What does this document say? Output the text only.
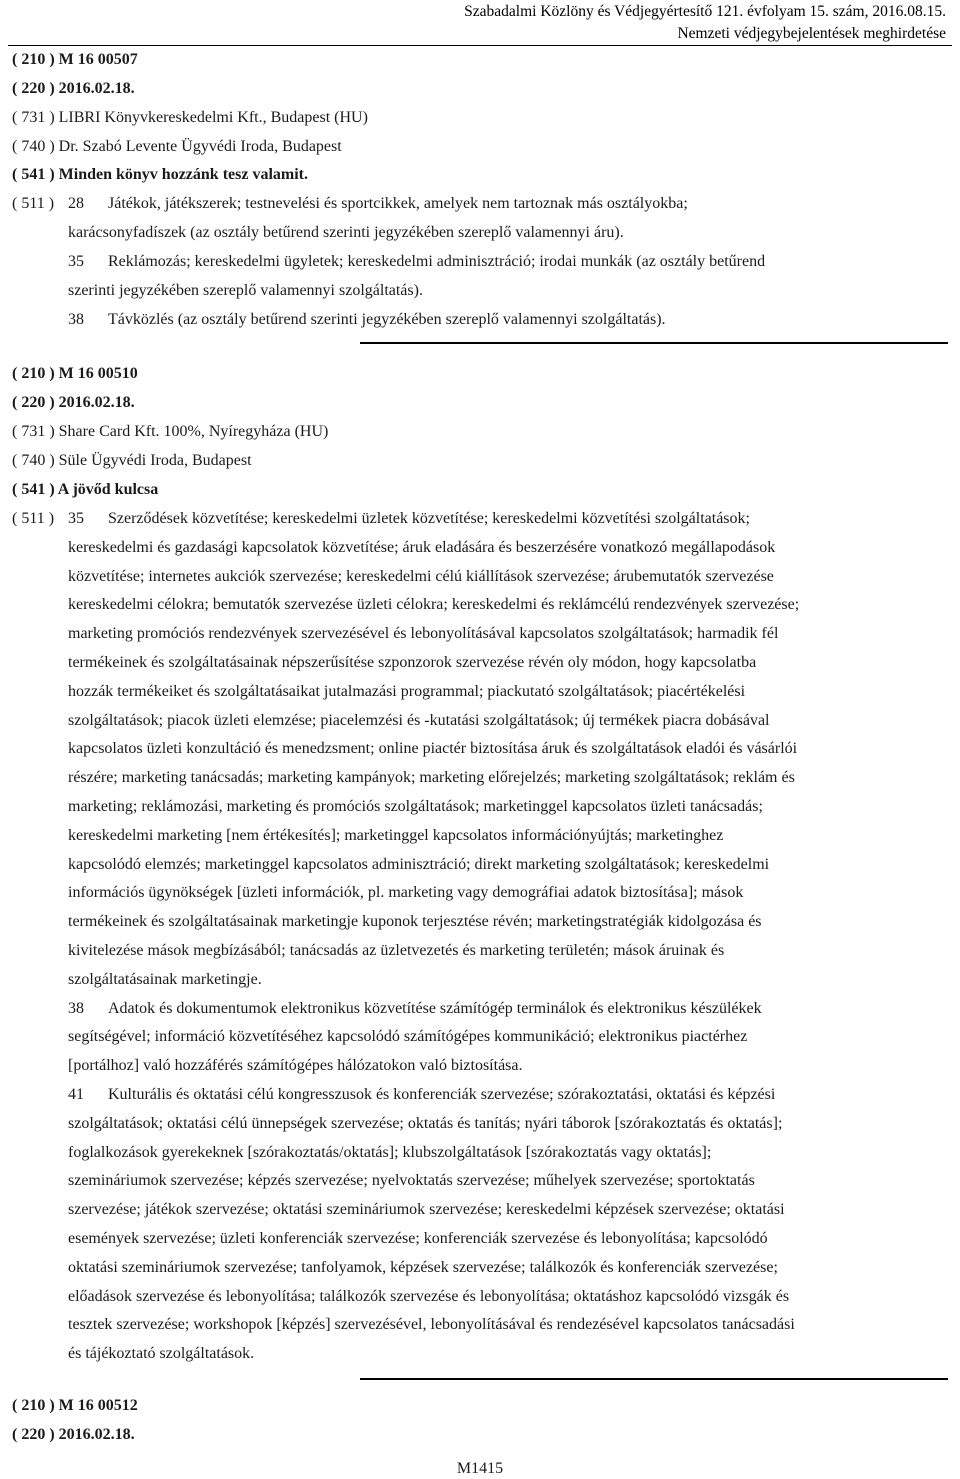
Szabadalmi Közlöny és Védjegyértesítő 121. évfolyam 15. szám, 2016.08.15.
Nemzeti védjegybejelentések meghirdetése
( 210 ) M 16 00507
( 220 ) 2016.02.18.
( 731 ) LIBRI Könyvkereskedelmi Kft., Budapest (HU)
( 740 ) Dr. Szabó Levente Ügyvédi Iroda, Budapest
( 541 ) Minden könyv hozzánk tesz valamit.
( 511 ) 28 Játékok, játékszerek; testnevelési és sportcikkek, amelyek nem tartoznak más osztályokba;
karácsonyfadíszek (az osztály betűrend szerinti jegyzékében szereplő valamennyi áru).
35 Reklámozás; kereskedelmi ügyletek; kereskedelmi adminisztráció; irodai munkák (az osztály betűrend
szerinti jegyzékében szereplő valamennyi szolgáltatás).
38 Távközlés (az osztály betűrend szerinti jegyzékében szereplő valamennyi szolgáltatás).
( 210 ) M 16 00510
( 220 ) 2016.02.18.
( 731 ) Share Card Kft. 100%, Nyíregyháza (HU)
( 740 ) Süle Ügyvédi Iroda, Budapest
( 541 ) A jövőd kulcsa
( 511 ) 35 Szerződések közvetítése; kereskedelmi üzletek közvetítése; kereskedelmi közvetítési szolgáltatások;
kereskedelmi és gazdasági kapcsolatok közvetítése; áruk eladására és beszerzésére vonatkozó megállapodások
közvetítése; internetes aukciók szervezése; kereskedelmi célú kiállítások szervezése; árubemutatók szervezése
kereskedelmi célokra; bemutatók szervezése üzleti célokra; kereskedelmi és reklámcélú rendezvények szervezése;
marketing promóciós rendezvények szervezésével és lebonyolításával kapcsolatos szolgáltatások; harmadik fél
termékeinek és szolgáltatásainak népszerűsítése szponzorok szervezése révén oly módon, hogy kapcsolatba
hozzák termékeiket és szolgáltatásaikat jutalmazási programmal; piackutató szolgáltatások; piacértékelési
szolgáltatások; piacok üzleti elemzése; piacelemzési és -kutatási szolgáltatások; új termékek piacra dobásával
kapcsolatos üzleti konzultáció és menedzsment; online piactér biztosítása áruk és szolgáltatások eladói és vásárlói
részére; marketing tanácsadás; marketing kampányok; marketing előrejelzés; marketing szolgáltatások; reklám és
marketing; reklámozási, marketing és promóciós szolgáltatások; marketinggel kapcsolatos üzleti tanácsadás;
kereskedelmi marketing [nem értékesítés]; marketinggel kapcsolatos információnyújtás; marketinghez
kapcsolódó elemzés; marketinggel kapcsolatos adminisztráció; direkt marketing szolgáltatások; kereskedelmi
információs ügynökségek [üzleti információk, pl. marketing vagy demográfiai adatok biztosítása]; mások
termékeinek és szolgáltatásainak marketingje kuponok terjesztése révén; marketingstratégiák kidolgozása és
kivitelezése mások megbízásából; tanácsadás az üzletvezetés és marketing területén; mások áruinak és
szolgáltatásainak marketingje.
38 Adatok és dokumentumok elektronikus közvetítése számítógép terminálok és elektronikus készülékek
segítségével; információ közvetítéséhez kapcsolódó számítógépes kommunikáció; elektronikus piactérhez
[portálhoz] való hozzáférés számítógépes hálózatokon való biztosítása.
41 Kulturális és oktatási célú kongresszusok és konferenciák szervezése; szórakoztatási, oktatási és képzési
szolgáltatások; oktatási célú ünnepségek szervezése; oktatás és tanítás; nyári táborok [szórakoztatás és oktatás];
foglalkozások gyerekeknek [szórakoztatás/oktatás]; klubszolgáltatások [szórakoztatás vagy oktatás];
szemináriumok szervezése; képzés szervezése; nyelvoktatás szervezése; műhelyek szervezése; sportoktatás
szervezése; játékok szervezése; oktatási szemináriumok szervezése; kereskedelmi képzések szervezése; oktatási
események szervezése; üzleti konferenciák szervezése; konferenciák szervezése és lebonyolítása; kapcsolódó
oktatási szemináriumok szervezése; tanfolyamok, képzések szervezése; találkozók és konferenciák szervezése;
előadások szervezése és lebonyolítása; találkozók szervezése és lebonyolítása; oktatáshoz kapcsolódó vizsgák és
tesztek szervezése; workshopok [képzés] szervezésével, lebonyolításával és rendezésével kapcsolatos tanácsadási
és tájékoztató szolgáltatások.
( 210 ) M 16 00512
( 220 ) 2016.02.18.
M1415
